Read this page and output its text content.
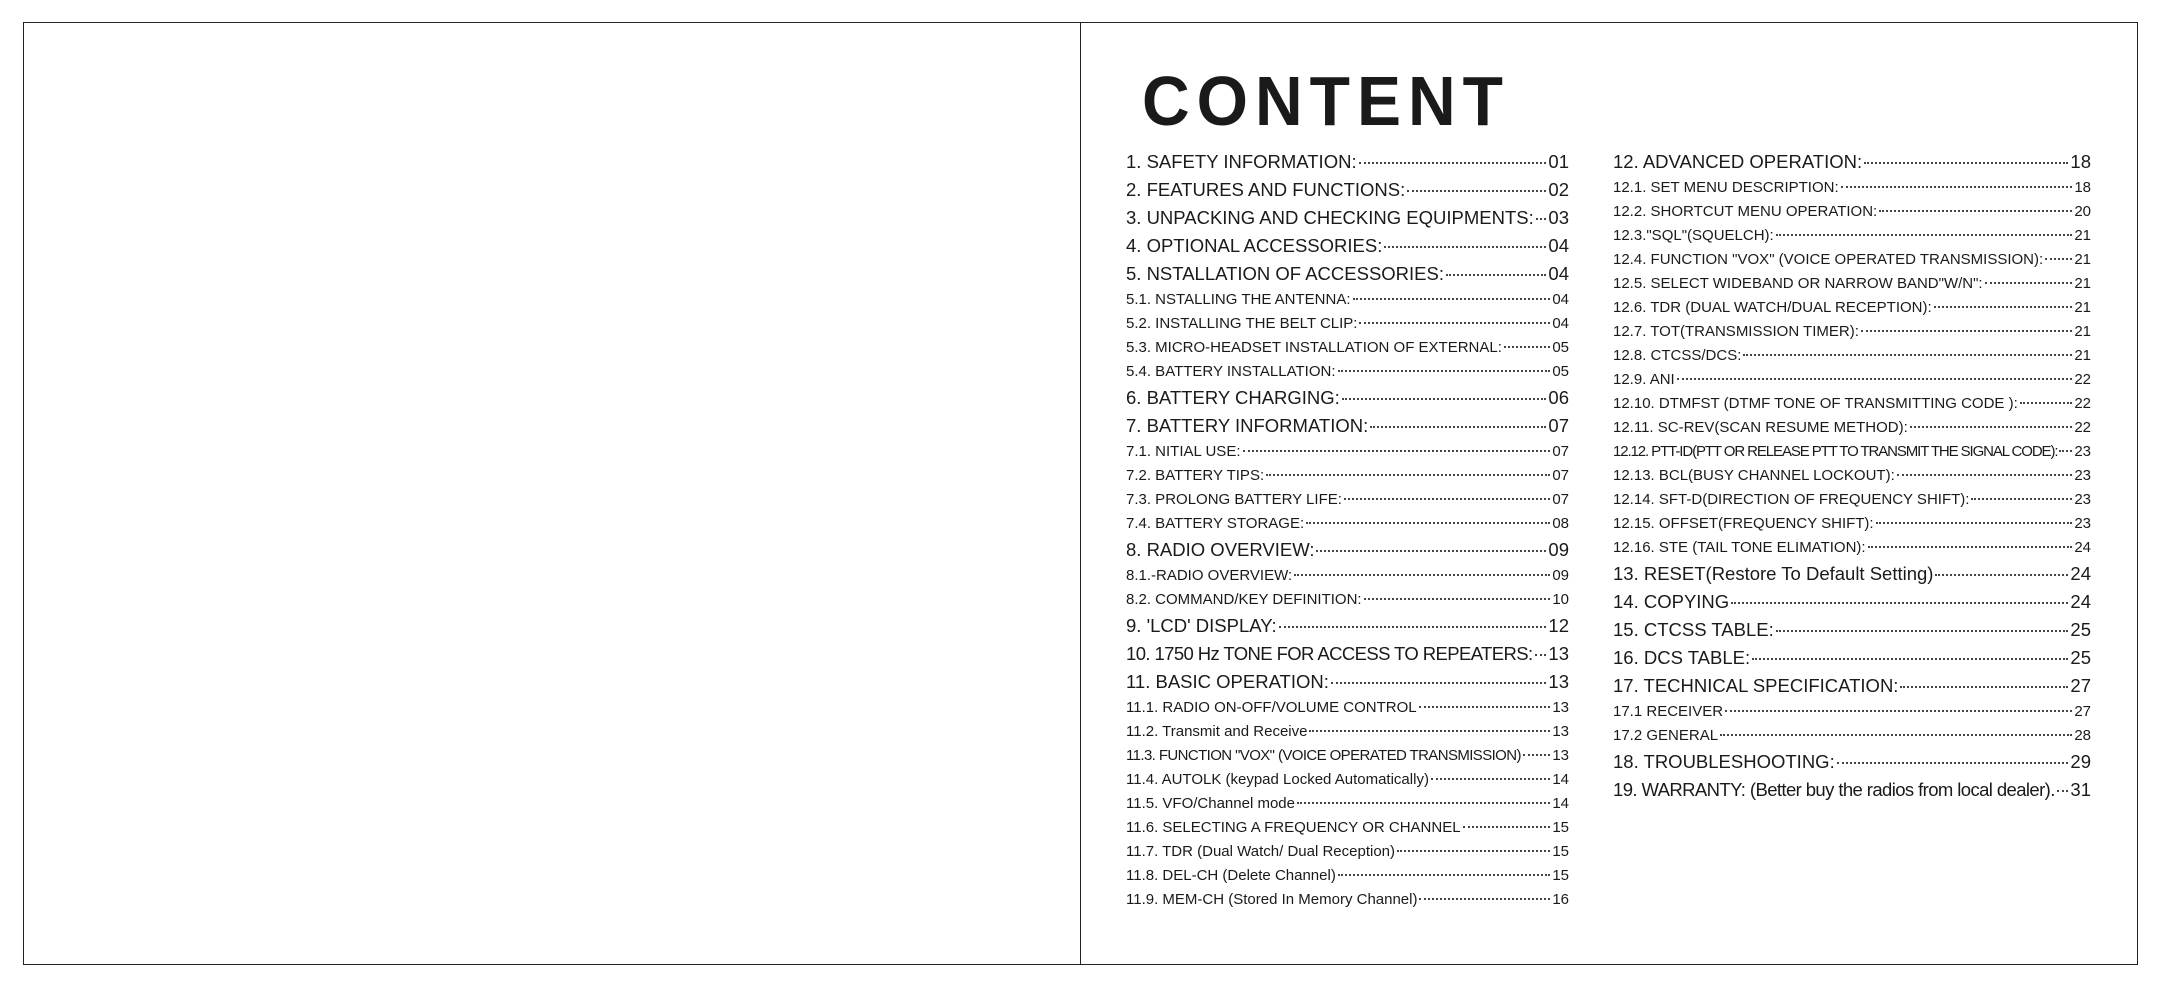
CONTENT
1. SAFETY INFORMATION:	01
2. FEATURES AND FUNCTIONS:	02
3. UNPACKING AND CHECKING EQUIPMENTS: 03
4. OPTIONAL ACCESSORIES:	04
5. NSTALLATION OF ACCESSORIES:	04
5.1. NSTALLING THE ANTENNA:	04
5.2. INSTALLING THE BELT CLIP:	04
5.3. MICRO-HEADSET INSTALLATION OF EXTERNAL:	05
5.4. BATTERY INSTALLATION:	05
6. BATTERY CHARGING:	06
7. BATTERY INFORMATION:	07
7.1. NITIAL USE:	07
7.2. BATTERY TIPS:	07
7.3. PROLONG BATTERY LIFE:	07
7.4. BATTERY STORAGE:	08
8. RADIO OVERVIEW:	09
8.1.-RADIO OVERVIEW:	09
8.2. COMMAND/KEY DEFINITION:	10
9. 'LCD' DISPLAY:	12
10. 1750 Hz TONE FOR ACCESS TO REPEATERS: 13
11. BASIC OPERATION:	13
11.1. RADIO ON-OFF/VOLUME CONTROL	13
11.2. Transmit and Receive	13
11.3. FUNCTION "VOX" (VOICE OPERATED TRANSMISSION) 13
11.4. AUTOLK (keypad Locked Automatically)	14
11.5. VFO/Channel mode	14
11.6. SELECTING A FREQUENCY OR CHANNEL	15
11.7. TDR (Dual Watch/ Dual Reception)	15
11.8. DEL-CH (Delete Channel)	15
11.9. MEM-CH (Stored In Memory Channel)	16
12. ADVANCED OPERATION:	18
12.1. SET MENU DESCRIPTION:	18
12.2. SHORTCUT MENU OPERATION:	20
12.3."SQL"(SQUELCH):	21
12.4. FUNCTION "VOX" (VOICE OPERATED TRANSMISSION): 21
12.5. SELECT WIDEBAND OR NARROW BAND"W/N":	21
12.6. TDR (DUAL WATCH/DUAL RECEPTION):	21
12.7. TOT(TRANSMISSION TIMER):	21
12.8. CTCSS/DCS:	21
12.9. ANI	22
12.10. DTMFST (DTMF TONE OF TRANSMITTING CODE ):	22
12.11. SC-REV(SCAN RESUME METHOD):	22
12.12. PTT-ID(PTT OR RELEASE PTT TO TRANSMIT THE SIGNAL CODE): 23
12.13. BCL(BUSY CHANNEL LOCKOUT):	23
12.14. SFT-D(DIRECTION OF FREQUENCY SHIFT):	23
12.15. OFFSET(FREQUENCY SHIFT):	23
12.16. STE (TAIL TONE ELIMATION):	24
13. RESET(Restore To Default Setting)	24
14. COPYING	24
15. CTCSS TABLE:	25
16. DCS TABLE:	25
17. TECHNICAL SPECIFICATION:	27
17.1 RECEIVER	27
17.2 GENERAL	28
18. TROUBLESHOOTING:	29
19. WARRANTY: (Better buy the radios from local dealer). 31
